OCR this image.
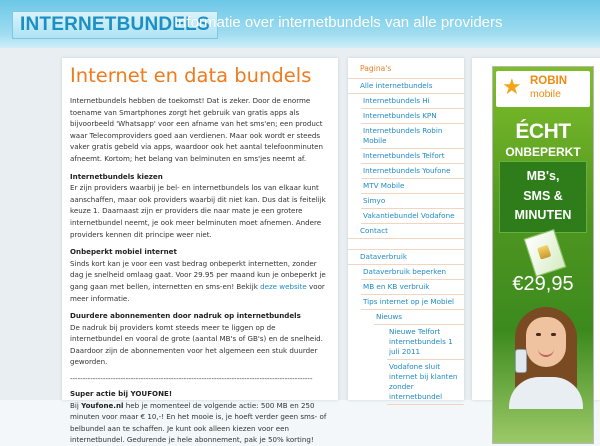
INTERNETBUNDELS
Informatie over internetbundels van alle providers
Internet en data bundels

Internetbundels hebben de toekomst! Dat is zeker. Door de enorme toename van Smartphones zorgt het gebruik van gratis apps als bijvoorbeeld 'Whatsapp' voor een afname van het sms'en; een product waar Telecomproviders goed aan verdienen. Maar ook wordt er steeds vaker gratis gebeld via apps, waardoor ook het aantal telefoonminuten afneemt. Kortom; het belang van belminuten en sms'jes neemt af.

Internetbundels kiezen

Er zijn providers waarbij je bel- en internetbundels los van elkaar kunt aanschaffen, maar ook providers waarbij dit niet kan. Dus dat is feitelijk keuze 1. Daarnaast zijn er providers die naar mate je een grotere internetbundel neemt, je ook meer belminuten moet afnemen. Andere providers kennen dit principe weer niet.

Onbeperkt mobiel internet

Sinds kort kan je voor een vast bedrag onbeperkt internetten, zonder dag je snelheid omlaag gaat. Voor 29.95 per maand kun je onbeperkt je gang gaan met bellen, internetten en sms-en! Bekijk deze website voor meer informatie.

Duurdere abonnementen door nadruk op internetbundels

De nadruk bij providers komt steeds meer te liggen op de internetbundel en vooral de grote (aantal MB's of GB's) en de snelheid. Daardoor zijn de abonnementen voor het algemeen een stuk duurder geworden.

------------------------------------------------------------------------------------------------
Super actie bij YOUFONE!

Bij Youfone.nl heb je momenteel de volgende actie: 500 MB en 250 minuten voor maar € 10,-! En het mooie is, je hoeft verder geen sms- of belbundel aan te schaffen. Je kunt ook alleen kiezen voor een internetbundel. Gedurende je hele abonnement, pak je 50% korting!

Pagina's
Alle internetbundels
Internetbundels Hi
Internetbundels KPN
Internetbundels Robin Mobile
Internetbundels Telfort
Internetbundels Youfone
MTV Mobile
Simyo
Vakantiebundel Vodafone
Contact
Dataverbruik
Dataverbruik beperken
MB en KB verbruik
Tips internet op je Mobiel
Nieuws
Nieuwe Telfort internetbundels 1 juli 2011
Vodafone sluit internet bij klanten zonder internetbundel
★ ROBIN
mobile
ÉCHT
ONBEPERKT
MB's,
SMS &
MINUTEN
€29,95
